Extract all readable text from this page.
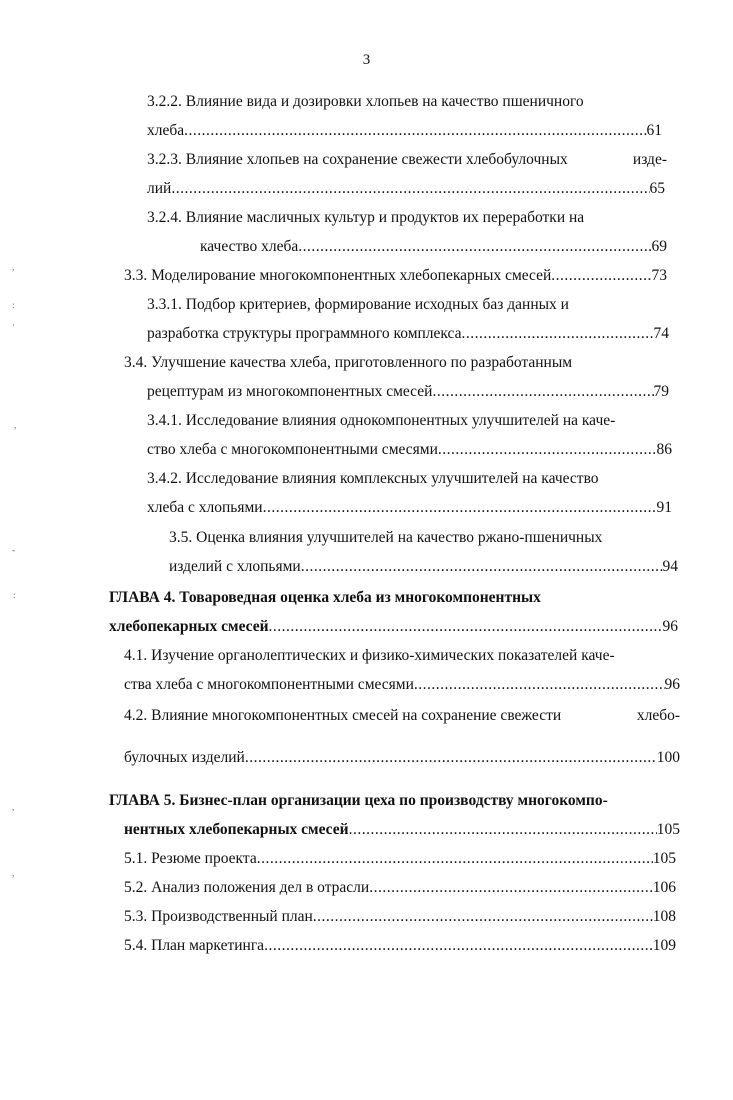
3
3.2.2. Влияние вида и дозировки хлопьев на качество пшеничного
хлеба .....	61
3.2.3. Влияние хлопьев на сохранение свежести хлебобулочных	изде-
лий .....	65
3.2.4. Влияние масличных культур и продуктов их переработки на
качество хлеба .....	69
3.3. Моделирование многокомпонентных хлебопекарных смесей .....	73
3.3.1. Подбор критериев, формирование исходных баз данных и
разработка структуры программного комплекса .....	74
3.4. Улучшение качества хлеба, приготовленного по разработанным
рецептурам из многокомпонентных смесей .....	79
3.4.1. Исследование влияния однокомпонентных улучшителей на каче-
ство хлеба с многокомпонентными смесями .....	86
3.4.2. Исследование влияния комплексных улучшителей на качество
хлеба с хлопьями .....	91
3.5. Оценка влияния улучшителей на качество ржано-пшеничных
изделий с хлопьями .....	94
ГЛАВА 4. Товароведная оценка хлеба из многокомпонентных
хлебопекарных смесей .....	96
4.1. Изучение органолептических и физико-химических показателей каче-
ства хлеба с многокомпонентными смесями .....	96
4.2. Влияние многокомпонентных смесей на сохранение свежести	хлебо-
булочных изделий .....	100
ГЛАВА 5. Бизнес-план организации цеха по производству многокомпо-
нентных хлебопекарных смесей .....	105
5.1. Резюме проекта .....	105
5.2. Анализ положения дел в отрасли .....	106
5.3. Производственный план .....	108
5.4. План маркетинга .....	109
,
:
·
,
-
:
,
,
